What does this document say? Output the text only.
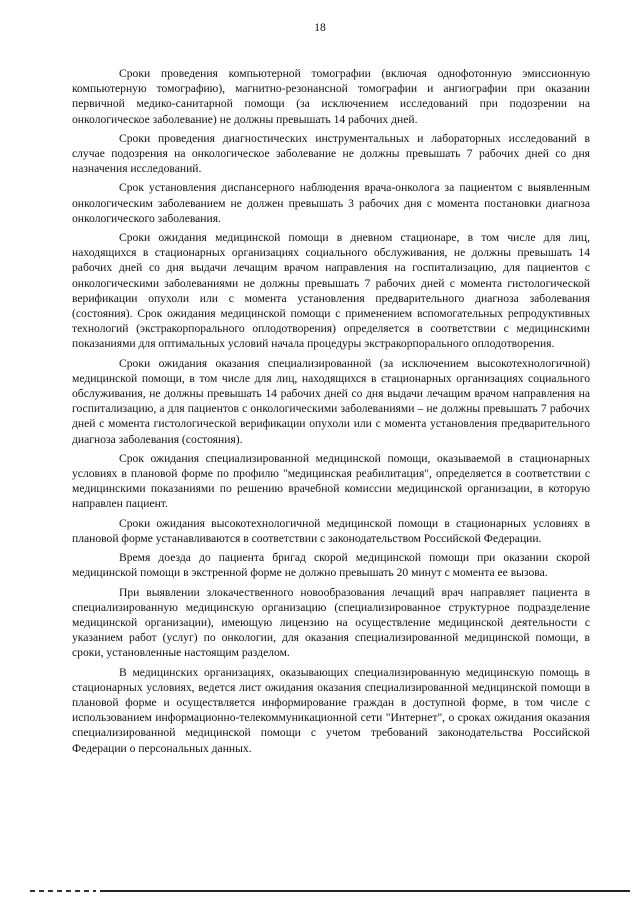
18

Сроки проведения компьютерной томографии (включая однофотонную эмиссионную компьютерную томографию), магнитно-резонансной томографии и ангиографии при оказании первичной медико-санитарной помощи (за исключением исследований при подозрении на онкологическое заболевание) не должны превышать 14 рабочих дней.

Сроки проведения диагностических инструментальных и лабораторных исследований в случае подозрения на онкологическое заболевание не должны превышать 7 рабочих дней со дня назначения исследований.

Срок установления диспансерного наблюдения врача-онколога за пациентом с выявленным онкологическим заболеванием не должен превышать 3 рабочих дня с момента постановки диагноза онкологического заболевания.

Сроки ожидания медицинской помощи в дневном стационаре, в том числе для лиц, находящихся в стационарных организациях социального обслуживания, не должны превышать 14 рабочих дней со дня выдачи лечащим врачом направления на госпитализацию, для пациентов с онкологическими заболеваниями не должны превышать 7 рабочих дней с момента гистологической верификации опухоли или с момента установления предварительного диагноза заболевания (состояния). Срок ожидания медицинской помощи с применением вспомогательных репродуктивных технологий (экстракорпорального оплодотворения) определяется в соответствии с медицинскими показаниями для оптимальных условий начала процедуры экстракорпорального оплодотворения.

Сроки ожидания оказания специализированной (за исключением высокотехнологичной) медицинской помощи, в том числе для лиц, находящихся в стационарных организациях социального обслуживания, не должны превышать 14 рабочих дней со дня выдачи лечащим врачом направления на госпитализацию, а для пациентов с онкологическими заболеваниями – не должны превышать 7 рабочих дней с момента гистологической верификации опухоли или с момента установления предварительного диагноза заболевания (состояния).

Срок ожидания специализированной медицинской помощи, оказываемой в стационарных условиях в плановой форме по профилю "медицинская реабилитация", определяется в соответствии с медицинскими показаниями по решению врачебной комиссии медицинской организации, в которую направлен пациент.

Сроки ожидания высокотехнологичной медицинской помощи в стационарных условиях в плановой форме устанавливаются в соответствии с законодательством Российской Федерации.

Время доезда до пациента бригад скорой медицинской помощи при оказании скорой медицинской помощи в экстренной форме не должно превышать 20 минут с момента ее вызова.

При выявлении злокачественного новообразования лечащий врач направляет пациента в специализированную медицинскую организацию (специализированное структурное подразделение медицинской организации), имеющую лицензию на осуществление медицинской деятельности с указанием работ (услуг) по онкологии, для оказания специализированной медицинской помощи, в сроки, установленные настоящим разделом.

В медицинских организациях, оказывающих специализированную медицинскую помощь в стационарных условиях, ведется лист ожидания оказания специализированной медицинской помощи в плановой форме и осуществляется информирование граждан в доступной форме, в том числе с использованием информационно-телекоммуникационной сети "Интернет", о сроках ожидания оказания специализированной медицинской помощи с учетом требований законодательства Российской Федерации о персональных данных.
